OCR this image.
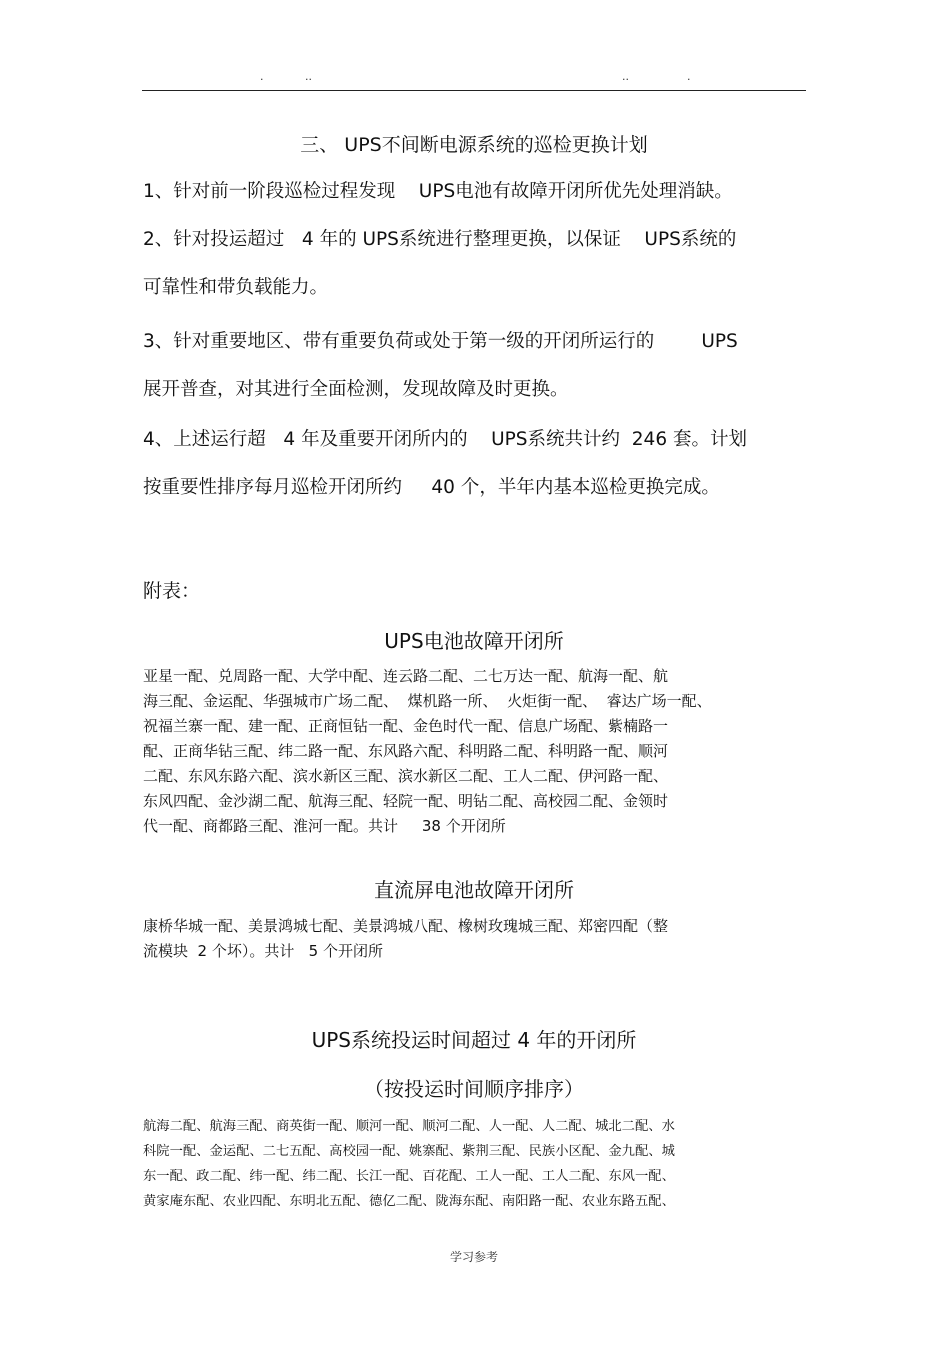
.	..	..	.
三、 UPS不间断电源系统的巡检更换计划
1、针对前一阶段巡检过程发现    UPS电池有故障开闭所优先处理消缺。
2、针对投运超过   4 年的 UPS系统进行整理更换，以保证    UPS系统的
可靠性和带负载能力。
3、针对重要地区、带有重要负荷或处于第一级的开闭所运行的        UPS
展开普查，对其进行全面检测，发现故障及时更换。
4、上述运行超   4 年及重要开闭所内的    UPS系统共计约  246 套。计划
按重要性排序每月巡检开闭所约     40 个，半年内基本巡检更换完成。
附表：
UPS电池故障开闭所
亚星一配、兑周路一配、大学中配、连云路二配、二七万达一配、航海一配、航
海三配、金运配、华强城市广场二配、  煤机路一所、  火炬街一配、  睿达广场一配、
祝福兰寨一配、建一配、正商恒钻一配、金色时代一配、信息广场配、紫楠路一
配、正商华钻三配、纬二路一配、东风路六配、科明路二配、科明路一配、顺河
二配、东风东路六配、滨水新区三配、滨水新区二配、工人二配、伊河路一配、
东风四配、金沙湖二配、航海三配、轻院一配、明钻二配、高校园二配、金领时
代一配、商都路三配、淮河一配。共计     38 个开闭所
直流屏电池故障开闭所
康桥华城一配、美景鸿城七配、美景鸿城八配、橡树玫瑰城三配、郑密四配（整
流模块  2 个坏）。共计   5 个开闭所
UPS系统投运时间超过 4 年的开闭所
（按投运时间顺序排序）
航海二配、航海三配、商英街一配、顺河一配、顺河二配、人一配、人二配、城北二配、水
科院一配、金运配、二七五配、高校园一配、姚寨配、紫荆三配、民族小区配、金九配、城
东一配、政二配、纬一配、纬二配、长江一配、百花配、工人一配、工人二配、东风一配、
黄家庵东配、农业四配、东明北五配、德亿二配、陇海东配、南阳路一配、农业东路五配、
学习参考
